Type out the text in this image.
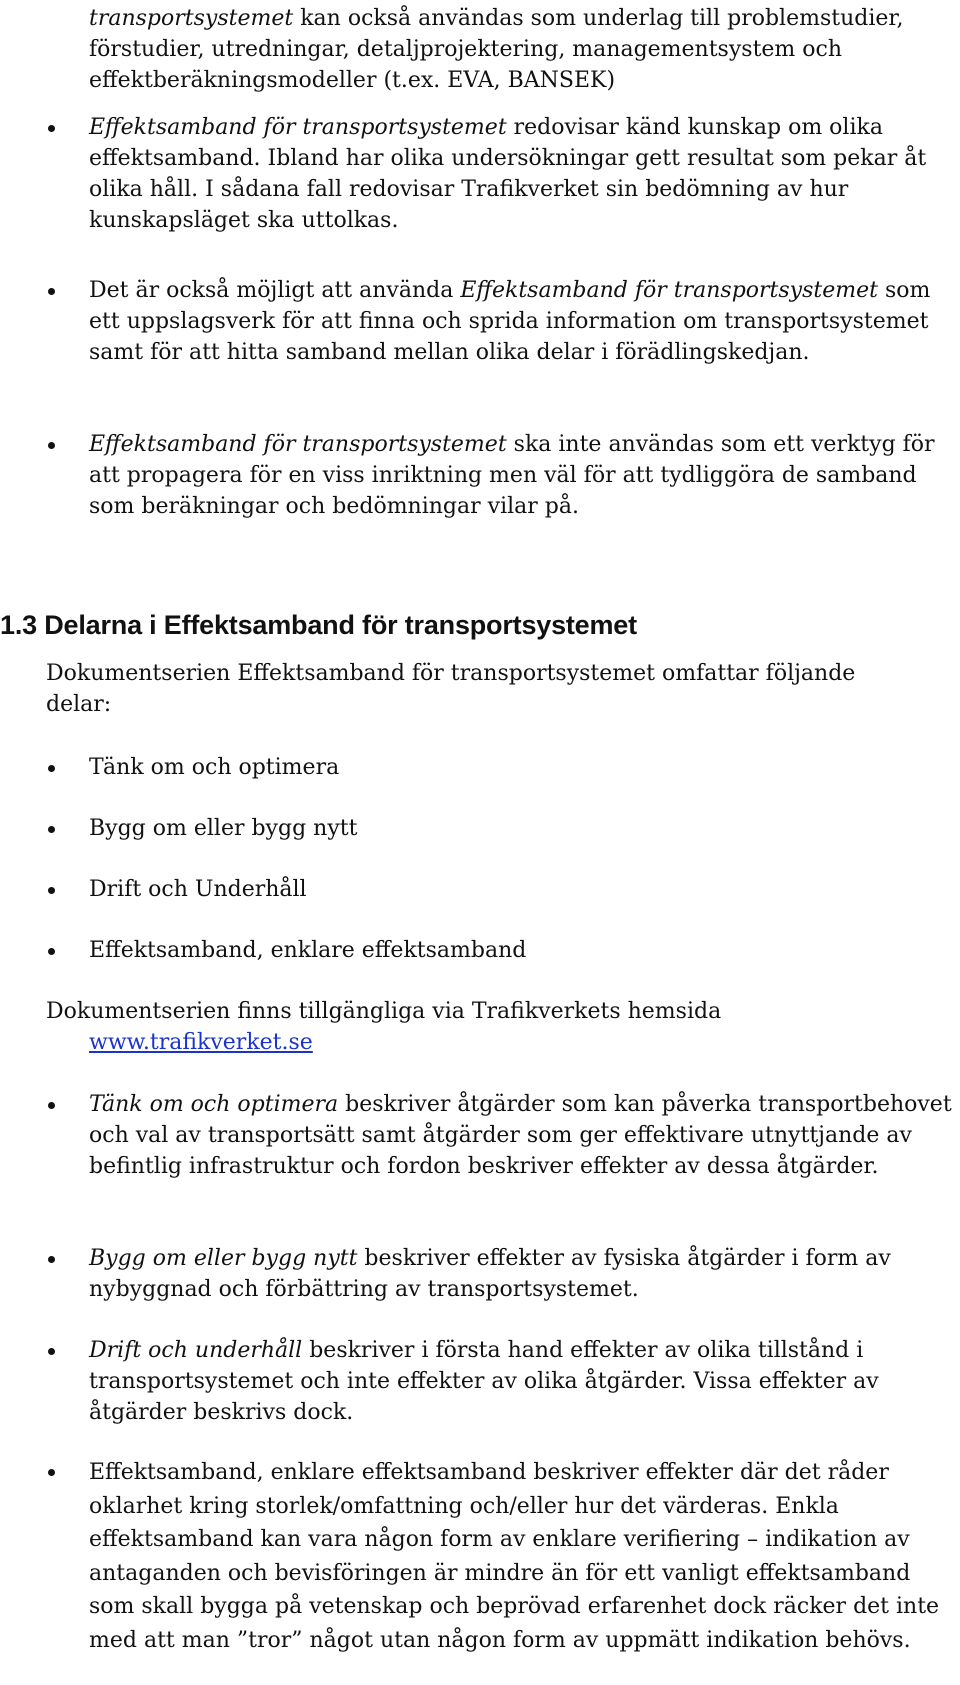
transportsystemet kan också användas som underlag till problemstudier, förstudier, utredningar, detaljprojektering, managementsystem och effektberäkningsmodeller (t.ex. EVA, BANSEK)

Effektsamband för transportsystemet redovisar känd kunskap om olika effektsamband. Ibland har olika undersökningar gett resultat som pekar åt olika håll. I sådana fall redovisar Trafikverket sin bedömning av hur kunskapsläget ska uttolkas.

Det är också möjligt att använda Effektsamband för transportsystemet som ett uppslagsverk för att finna och sprida information om transportsystemet samt för att hitta samband mellan olika delar i förädlingskedjan.

Effektsamband för transportsystemet ska inte användas som ett verktyg för att propagera för en viss inriktning men väl för att tydliggöra de samband som beräkningar och bedömningar vilar på.

1.3 Delarna i Effektsamband för transportsystemet

Dokumentserien Effektsamband för transportsystemet omfattar följande delar:

Tänk om och optimera

Bygg om eller bygg nytt

Drift och Underhåll

Effektsamband, enklare effektsamband

Dokumentserien finns tillgängliga via Trafikverkets hemsida
www.trafikverket.se

Tänk om och optimera beskriver åtgärder som kan påverka transportbehovet och val av transportsätt samt åtgärder som ger effektivare utnyttjande av befintlig infrastruktur och fordon beskriver effekter av dessa åtgärder.

Bygg om eller bygg nytt beskriver effekter av fysiska åtgärder i form av nybyggnad och förbättring av transportsystemet.

Drift och underhåll beskriver i första hand effekter av olika tillstånd i transportsystemet och inte effekter av olika åtgärder. Vissa effekter av åtgärder beskrivs dock.

Effektsamband, enklare effektsamband beskriver effekter där det råder oklarhet kring storlek/omfattning och/eller hur det värderas. Enkla effektsamband kan vara någon form av enklare verifiering – indikation av antaganden och bevisföringen är mindre än för ett vanligt effektsamband som skall bygga på vetenskap och beprövad erfarenhet dock räcker det inte med att man ”tror” något utan någon form av uppmätt indikation behövs.
